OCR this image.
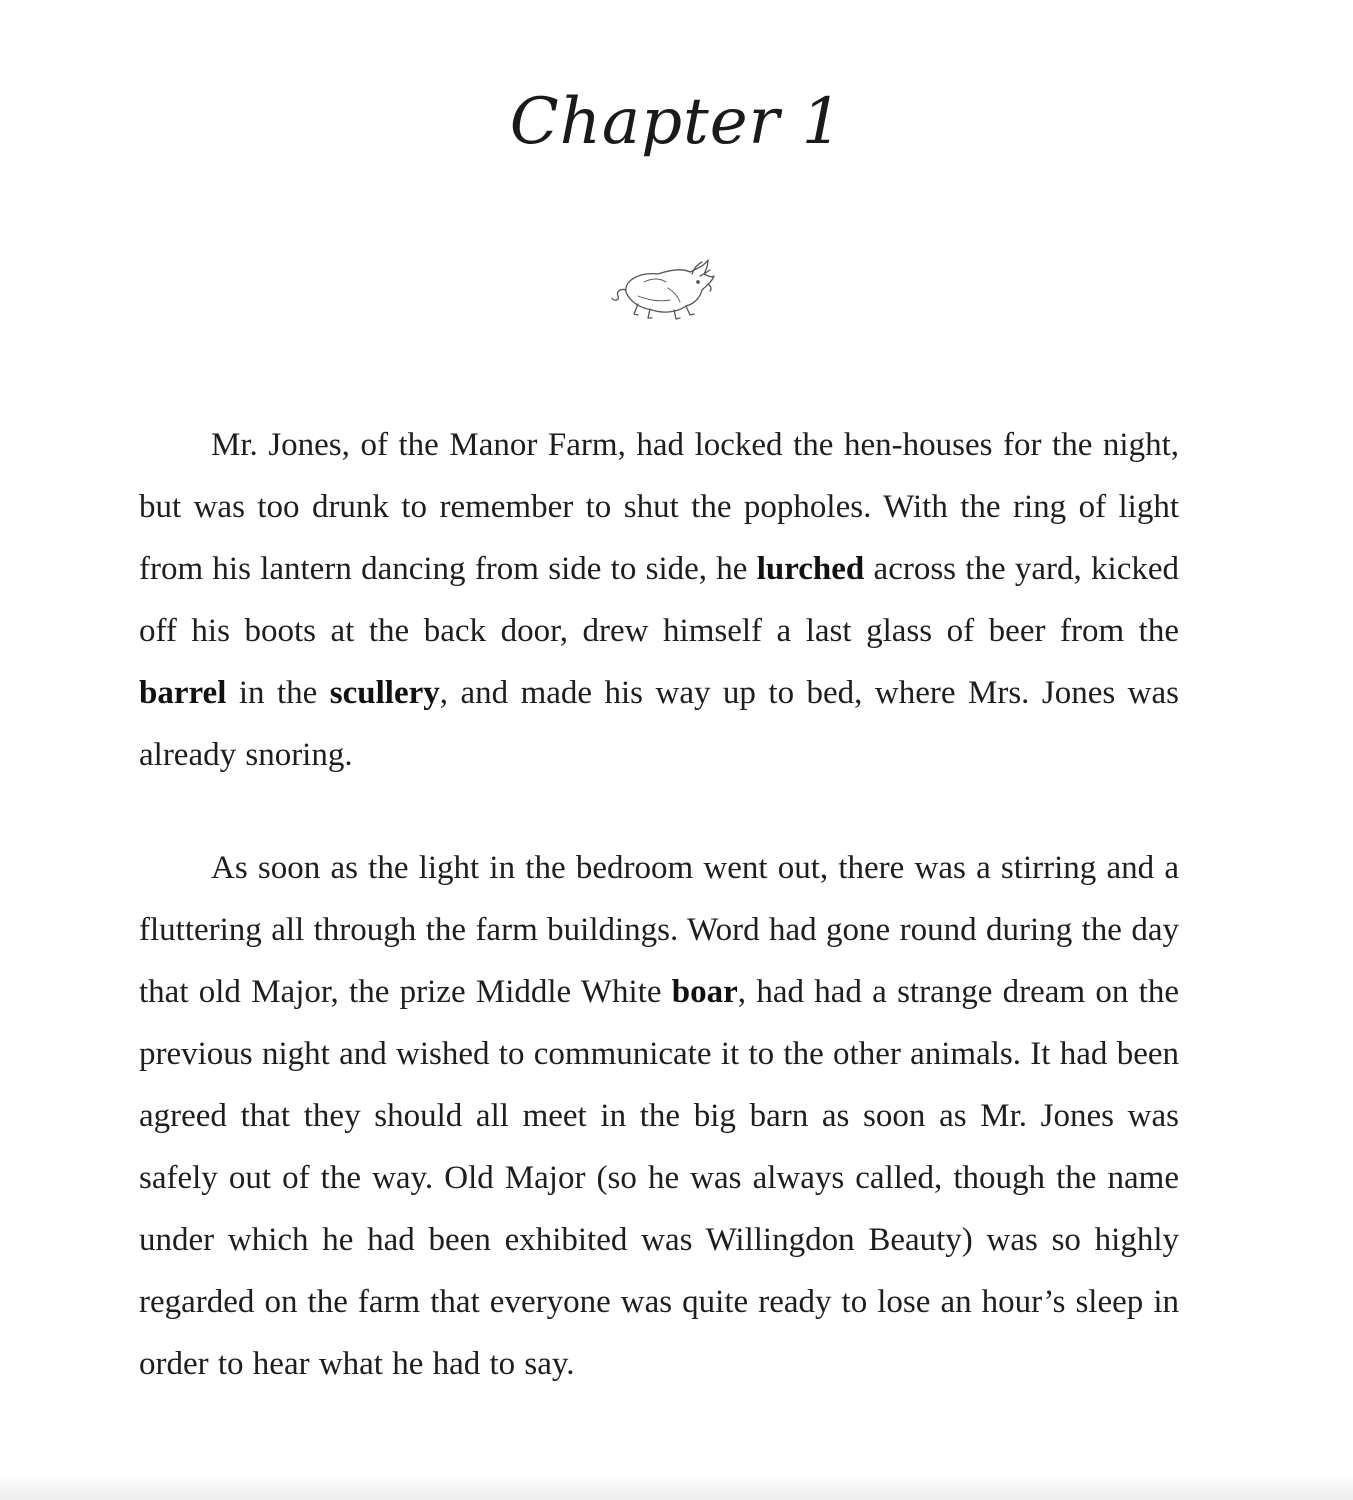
Chapter 1

Mr. Jones, of the Manor Farm, had locked the hen-houses for the night, but was too drunk to remember to shut the popholes. With the ring of light from his lantern dancing from side to side, he lurched across the yard, kicked off his boots at the back door, drew himself a last glass of beer from the barrel in the scullery, and made his way up to bed, where Mrs. Jones was already snoring.

As soon as the light in the bedroom went out, there was a stirring and a fluttering all through the farm buildings. Word had gone round during the day that old Major, the prize Middle White boar, had had a strange dream on the previous night and wished to communicate it to the other animals. It had been agreed that they should all meet in the big barn as soon as Mr. Jones was safely out of the way. Old Major (so he was always called, though the name under which he had been exhibited was Willingdon Beauty) was so highly regarded on the farm that everyone was quite ready to lose an hour’s sleep in order to hear what he had to say.
